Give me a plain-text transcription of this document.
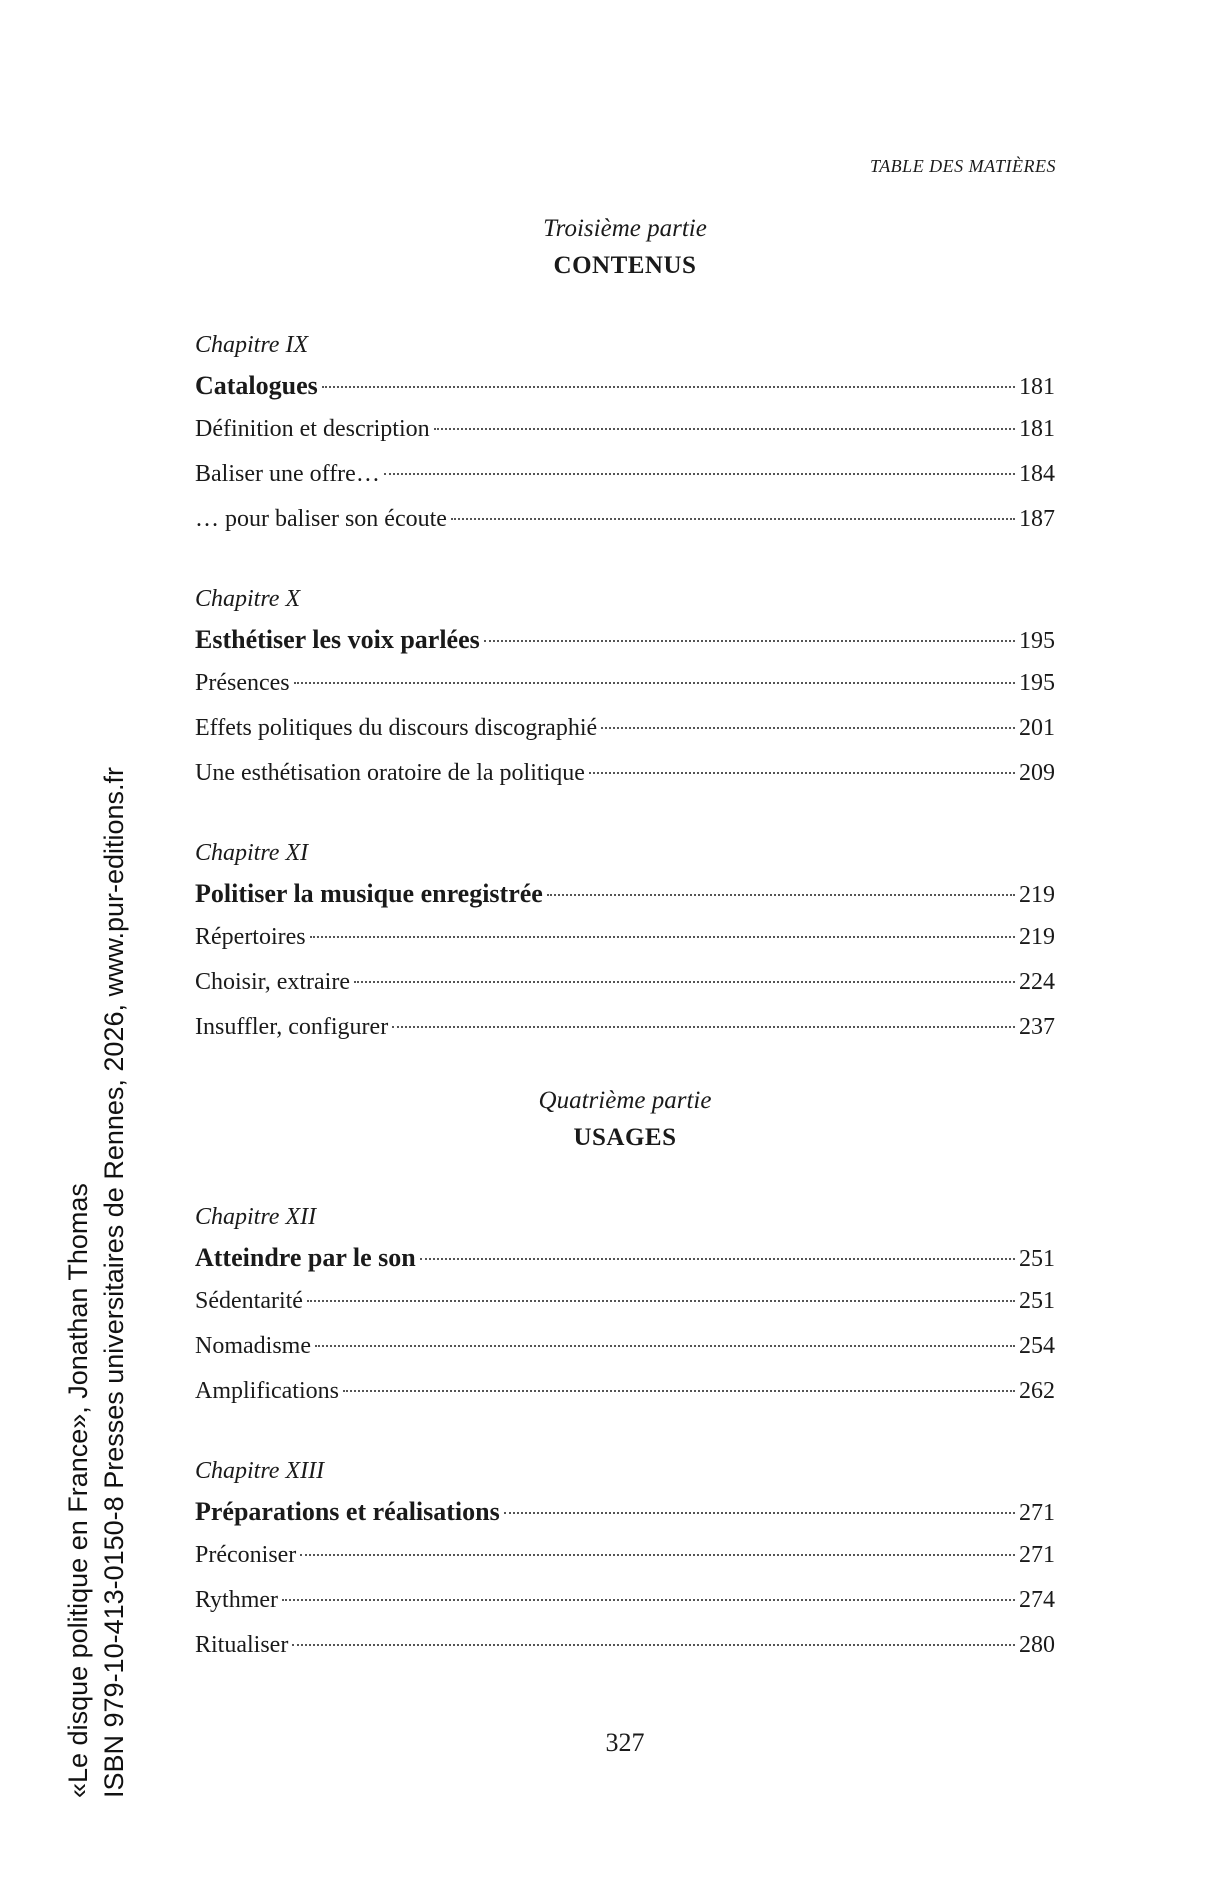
TABLE DES MATIÈRES
Troisième partie
CONTENUS
Chapitre IX
Catalogues	181
Définition et description	181
Baliser une offre…	184
… pour baliser son écoute	187
Chapitre X
Esthétiser les voix parlées	195
Présences	195
Effets politiques du discours discographié	201
Une esthétisation oratoire de la politique	209
Chapitre XI
Politiser la musique enregistrée	219
Répertoires	219
Choisir, extraire	224
Insuffler, configurer	237
Quatrième partie
USAGES
Chapitre XII
Atteindre par le son	251
Sédentarité	251
Nomadisme	254
Amplifications	262
Chapitre XIII
Préparations et réalisations	271
Préconiser	271
Rythmer	274
Ritualiser	280
327
«Le disque politique en France», Jonathan Thomas ISBN 979-10-413-0150-8 Presses universitaires de Rennes, 2026, www.pur-editions.fr
